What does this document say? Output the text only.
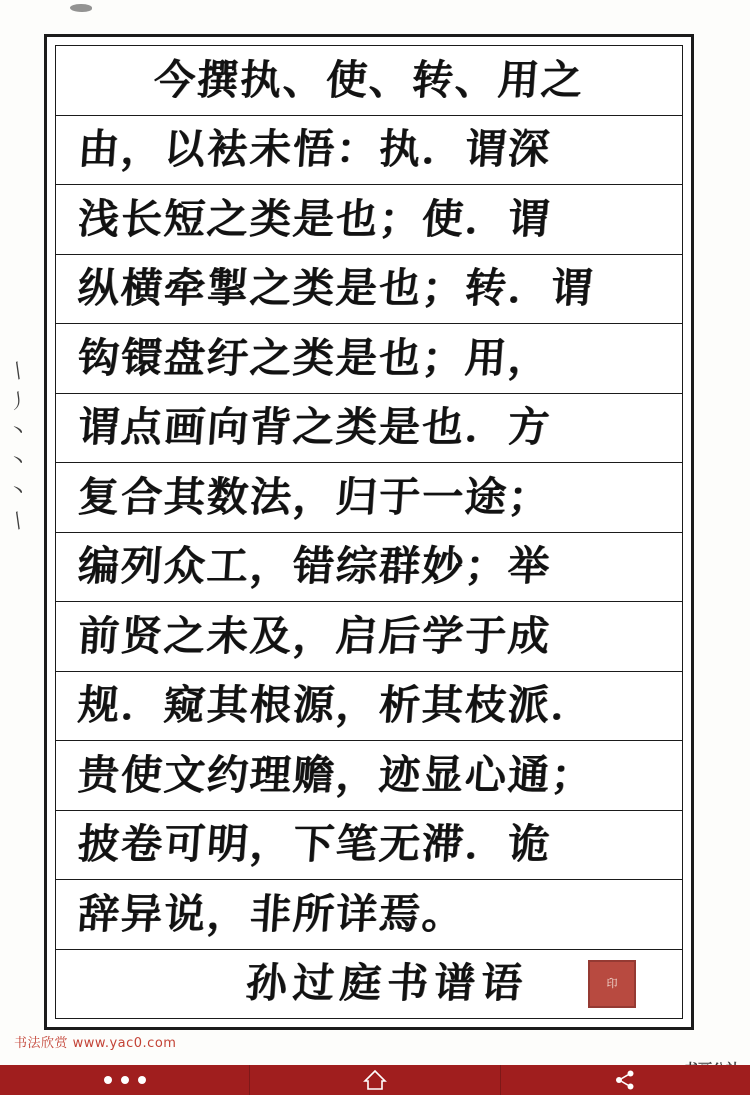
丨
丿
丶
丶
丶
丨
今撰执、使、转、用之
由，以袪未悟：执．谓深
浅长短之类是也；使．谓
纵横牵掣之类是也；转．谓
钩镮盘纡之类是也；用，
谓点画向背之类是也．方
复合其数法，归于一途；
编列众工，错综群妙；举
前贤之未及，启后学于成
规．窥其根源，析其枝派．
贵使文约理赡，迹显心通；
披卷可明，下笔无滞．诡
辞异说，非所详焉。
孙过庭书谱语	印
书法欣赏 www.yac0.com
